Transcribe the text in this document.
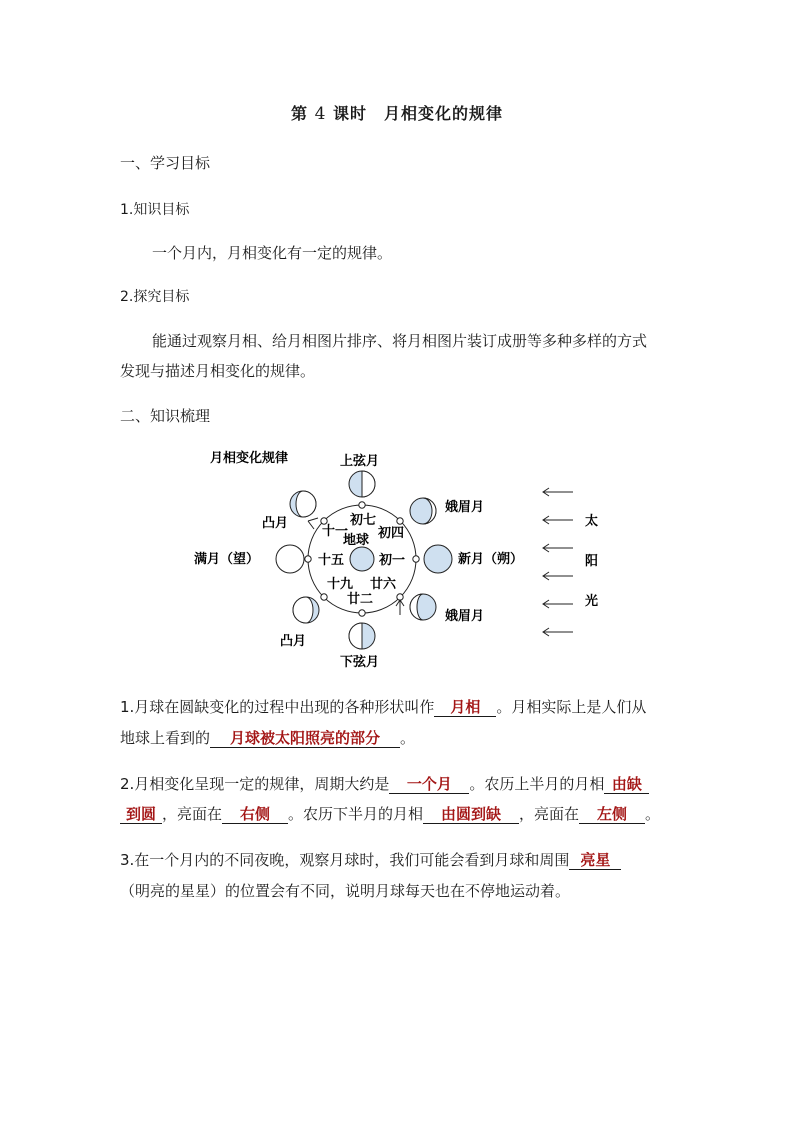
第 4 课时　月相变化的规律
一、学习目标
1.知识目标
一个月内，月相变化有一定的规律。
2.探究目标
能通过观察月相、给月相图片排序、将月相图片装订成册等多种多样的方式
发现与描述月相变化的规律。
二、知识梳理
月相变化规律
地球
初七
初四
十一
初一
十五
十九 廿六
廿二
上弦月
娥眉月
凸月
满月（望）	新月（朔）
娥眉月
凸月
下弦月
太
阳
光
1.月球在圆缺变化的过程中出现的各种形状叫作 月相 。月相实际上是人们从
地球上看到的 月球被太阳照亮的部分 。
2.月相变化呈现一定的规律，周期大约是 一个月 。农历上半月的月相 由缺
到圆 ，亮面在 右侧 。农历下半月的月相 由圆到缺 ，亮面在 左侧 。
3.在一个月内的不同夜晚，观察月球时，我们可能会看到月球和周围 亮星
（明亮的星星）的位置会有不同，说明月球每天也在不停地运动着。
